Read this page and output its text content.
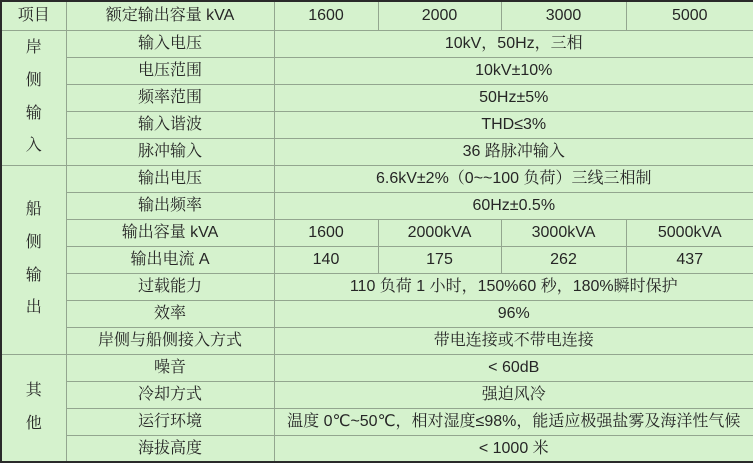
项目	额定输出容量 kVA	1600	2000	3000	5000

岸侧输入	输入电压	10kV，50Hz，三相			
	电压范围	10kV±10%			
	频率范围	50Hz±5%			
	输入谐波	THD≤3%			
	脉冲输入	36 路脉冲输入			

船侧输出	输出电压	6.6kV±2%（0~~100 负荷）三线三相制			
	输出频率	60Hz±0.5%			
	输出容量 kVA	1600	2000kVA	3000kVA	5000kVA
	输出电流 A	140	175	262	437
	过载能力	110 负荷 1 小时，150%60 秒，180%瞬时保护			
	效率	96%			
	岸侧与船侧接入方式	带电连接或不带电连接			

其他	噪音	< 60dB			
	冷却方式	强迫风冷			
	运行环境	温度 0℃~50℃，相对湿度≤98%，能适应极强盐雾及海洋性气候			
	海拔高度	< 1000 米			
